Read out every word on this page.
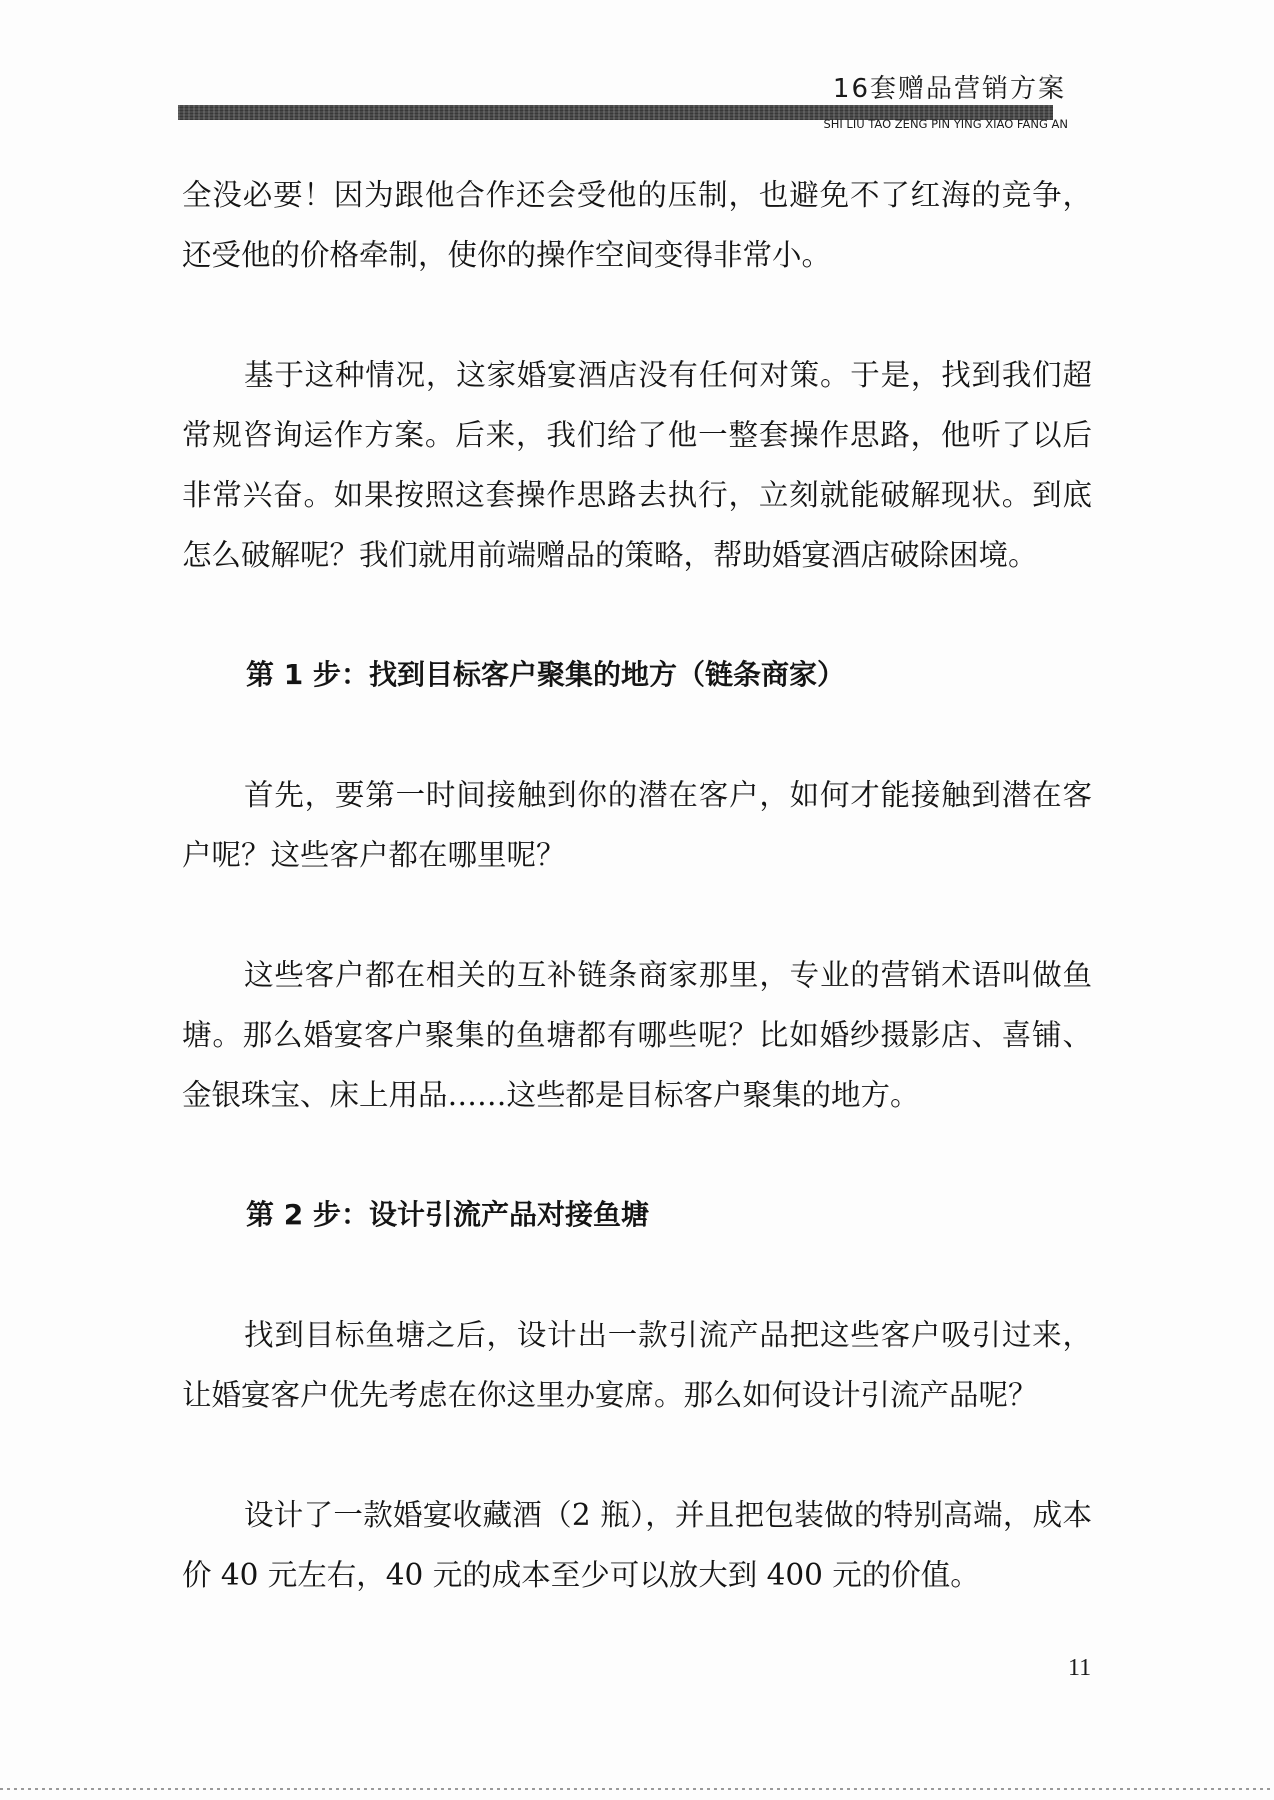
16套赠品营销方案
SHI LIU TAO ZENG PIN YING XIAO FANG AN

全没必要！因为跟他合作还会受他的压制，也避免不了红海的竞争，还受他的价格牵制，使你的操作空间变得非常小。

基于这种情况，这家婚宴酒店没有任何对策。于是，找到我们超常规咨询运作方案。后来，我们给了他一整套操作思路，他听了以后非常兴奋。如果按照这套操作思路去执行，立刻就能破解现状。到底怎么破解呢？我们就用前端赠品的策略，帮助婚宴酒店破除困境。

第 1 步：找到目标客户聚集的地方（链条商家）

首先，要第一时间接触到你的潜在客户，如何才能接触到潜在客户呢？这些客户都在哪里呢？

这些客户都在相关的互补链条商家那里，专业的营销术语叫做鱼塘。那么婚宴客户聚集的鱼塘都有哪些呢？比如婚纱摄影店、喜铺、金银珠宝、床上用品……这些都是目标客户聚集的地方。

第 2 步：设计引流产品对接鱼塘

找到目标鱼塘之后，设计出一款引流产品把这些客户吸引过来，让婚宴客户优先考虑在你这里办宴席。那么如何设计引流产品呢？

设计了一款婚宴收藏酒（2 瓶），并且把包装做的特别高端，成本价 40 元左右，40 元的成本至少可以放大到 400 元的价值。

11
